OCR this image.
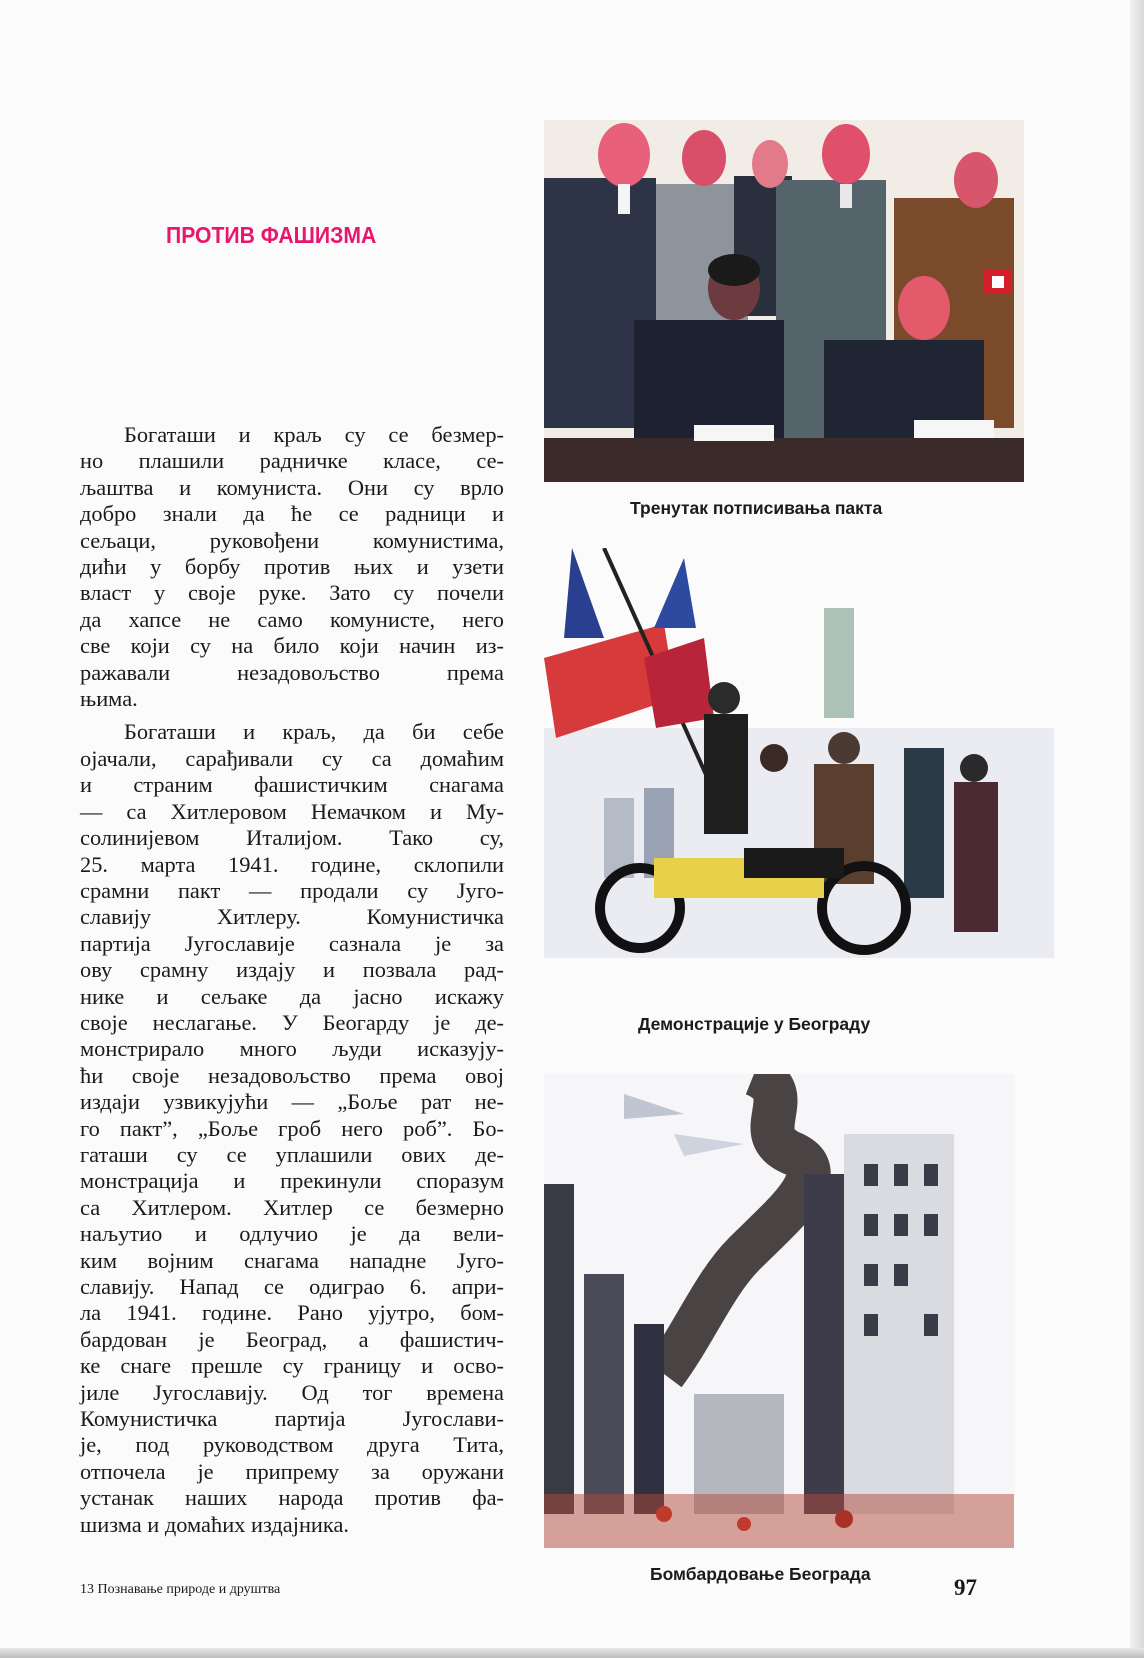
ПРОТИВ ФАШИЗМА

Богаташи и краљ су се безмер-
но плашили радничке класе, се-
љаштва и комуниста. Они су врло
добро знали да ће се радници и
сељаци, руковођени комунистима,
дићи у борбу против њих и узети
власт у своје руке. Зато су почели
да хапсе не само комунисте, него
све који су на било који начин из-
ражавали незадовољство према
њима.

Богаташи и краљ, да би себе
ојачали, сарађивали су са домаћим
и страним фашистичким снагама
— са Хитлеровом Немачком и Му-
солинијевом Италијом. Тако су,
25. марта 1941. године, склопили
срамни пакт — продали су Југо-
славију Хитлеру. Комунистичка
партија Југославије сазнала је за
ову срамну издају и позвала рад-
нике и сељаке да јасно искажу
своје неслагање. У Беогарду је де-
монстрирало много људи исказују-
ћи своје незадовољство према овој
издаји узвикујући — „Боље рат не-
го пакт”, „Боље гроб него роб”. Бо-
гаташи су се уплашили ових де-
монстрација и прекинули споразум
са Хитлером. Хитлер се безмерно
наљутио и одлучио је да вели-
ким војним снагама нападне Југо-
славију. Напад се одиграо 6. апри-
ла 1941. године. Рано ујутро, бом-
бардован је Београд, а фашистич-
ке снаге прешле су границу и осво-
јиле Југославију. Од тог времена
Комунистичка партија Југослави-
је, под руководством друга Тита,
отпочела је припрему за оружани
устанак наших народа против фа-
шизма и домаћих издајника.

Тренутак потписивања пакта
Демонстрације у Београду
Бомбардовање Београда
13 Познавање природе и друштва	97
